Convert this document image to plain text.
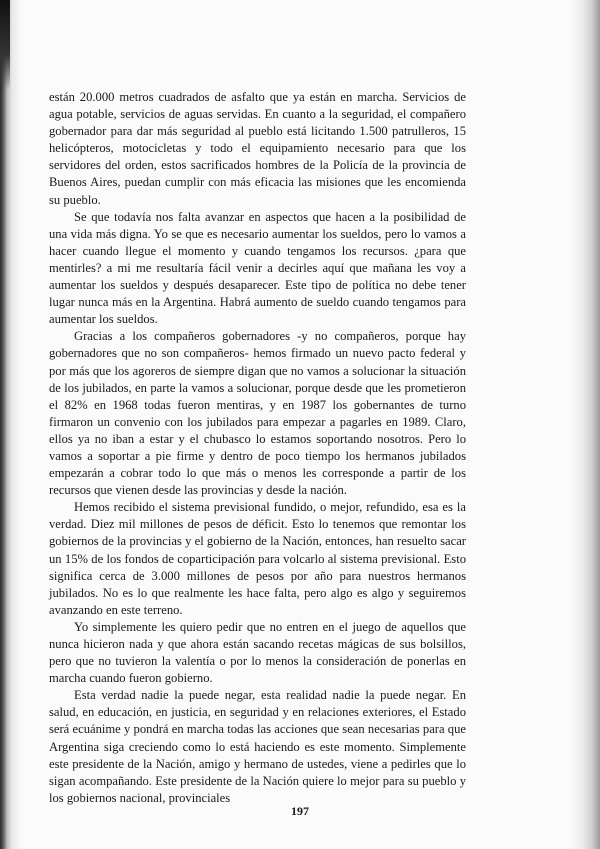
están 20.000 metros cuadrados de asfalto que ya están en marcha. Servicios de agua potable, servicios de aguas servidas. En cuanto a la seguridad, el compañero gobernador para dar más seguridad al pueblo está licitando 1.500 patrulleros, 15 helicópteros, motocicletas y todo el equipamiento necesario para que los servidores del orden, estos sacrificados hombres de la Policía de la provincia de Buenos Aires, puedan cumplir con más eficacia las misiones que les encomienda su pueblo.

Se que todavía nos falta avanzar en aspectos que hacen a la posibilidad de una vida más digna. Yo se que es necesario aumentar los sueldos, pero lo vamos a hacer cuando llegue el momento y cuando tengamos los recursos. ¿para que mentirles? a mi me resultaría fácil venir a decirles aquí que mañana les voy a aumentar los sueldos y después desaparecer. Este tipo de política no debe tener lugar nunca más en la Argentina. Habrá aumento de sueldo cuando tengamos para aumentar los sueldos.

Gracias a los compañeros gobernadores -y no compañeros, porque hay gobernadores que no son compañeros- hemos firmado un nuevo pacto federal y por más que los agoreros de siempre digan que no vamos a solucionar la situación de los jubilados, en parte la vamos a solucionar, porque desde que les prometieron el 82% en 1968 todas fueron mentiras, y en 1987 los gobernantes de turno firmaron un convenio con los jubilados para empezar a pagarles en 1989. Claro, ellos ya no iban a estar y el chubasco lo estamos soportando nosotros. Pero lo vamos a soportar a pie firme y dentro de poco tiempo los hermanos jubilados empezarán a cobrar todo lo que más o menos les corresponde a partir de los recursos que vienen desde las provincias y desde la nación.

Hemos recibido el sistema previsional fundido, o mejor, refundido, esa es la verdad. Diez mil millones de pesos de déficit. Esto lo tenemos que remontar los gobiernos de la provincias y el gobierno de la Nación, entonces, han resuelto sacar un 15% de los fondos de coparticipación para volcarlo al sistema previsional. Esto significa cerca de 3.000 millones de pesos por año para nuestros hermanos jubilados. No es lo que realmente les hace falta, pero algo es algo y seguiremos avanzando en este terreno.

Yo simplemente les quiero pedir que no entren en el juego de aquellos que nunca hicieron nada y que ahora están sacando recetas mágicas de sus bolsillos, pero que no tuvieron la valentía o por lo menos la consideración de ponerlas en marcha cuando fueron gobierno.

Esta verdad nadie la puede negar, esta realidad nadie la puede negar. En salud, en educación, en justicia, en seguridad y en relaciones exteriores, el Estado será ecuánime y pondrá en marcha todas las acciones que sean necesarias para que Argentina siga creciendo como lo está haciendo es este momento. Simplemente este presidente de la Nación, amigo y hermano de ustedes, viene a pedirles que lo sigan acompañando. Este presidente de la Nación quiere lo mejor para su pueblo y los gobiernos nacional, provinciales

197
